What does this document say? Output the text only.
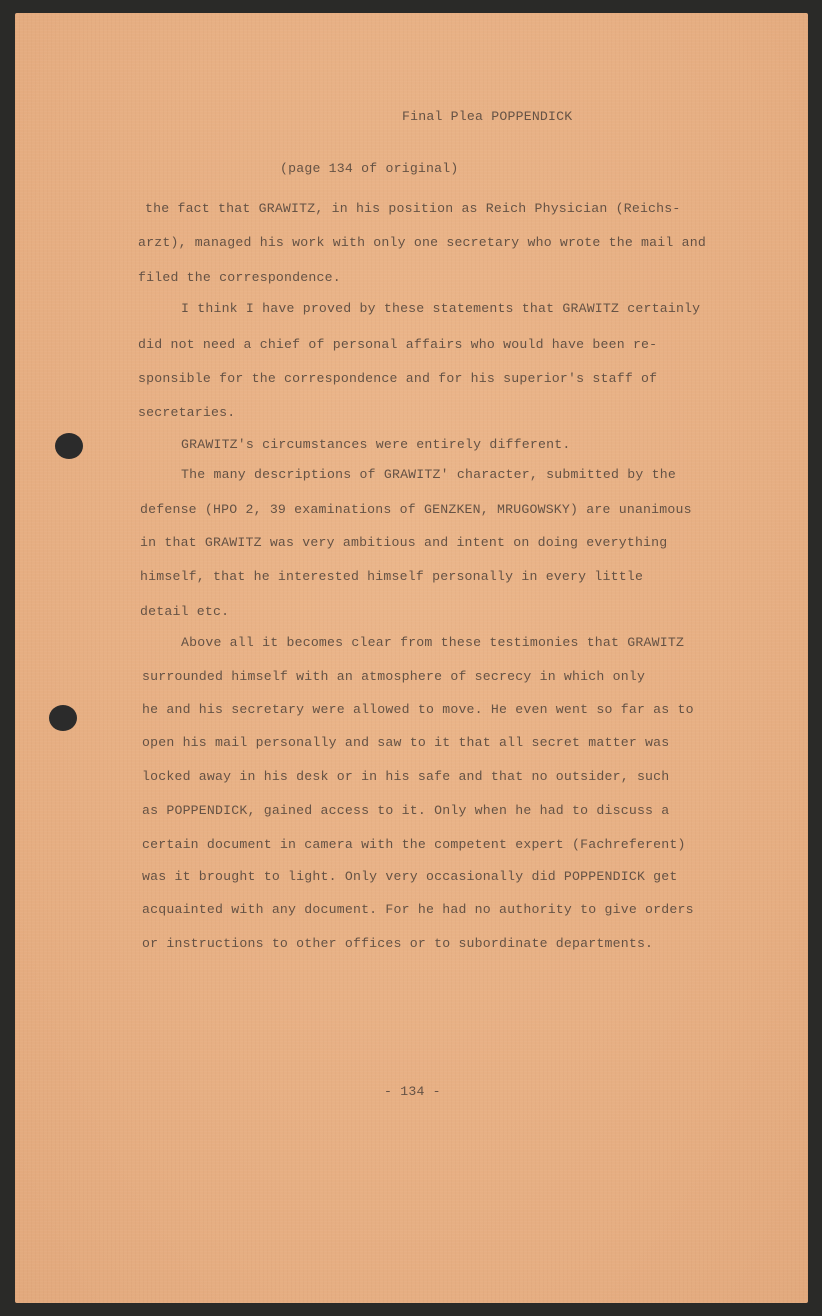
Final Plea POPPENDICK
(page 134 of original)
the fact that GRAWITZ, in his position as Reich Physician (Reichs-
arzt), managed his work with only one secretary who wrote the mail and
filed the correspondence.
I think I have proved by these statements that GRAWITZ certainly
did not need a chief of personal affairs who would have been re-
sponsible for the correspondence and for his superior's staff of
secretaries.
GRAWITZ's circumstances were entirely different.
The many descriptions of GRAWITZ' character, submitted by the
defense (HPO 2, 39 examinations of GENZKEN, MRUGOWSKY) are unanimous
in that GRAWITZ was very ambitious and intent on doing everything
himself, that he interested himself personally in every little
detail etc.
Above all it becomes clear from these testimonies that GRAWITZ
surrounded himself with an atmosphere of secrecy in which only
he and his secretary were allowed to move. He even went so far as to
open his mail personally and saw to it that all secret matter was
locked away in his desk or in his safe and that no outsider, such
as POPPENDICK, gained access to it. Only when he had to discuss a
certain document in camera with the competent expert (Fachreferent)
was it brought to light. Only very occasionally did POPPENDICK get
acquainted with any document. For he had no authority to give orders
or instructions to other offices or to subordinate departments.
- 134 -
